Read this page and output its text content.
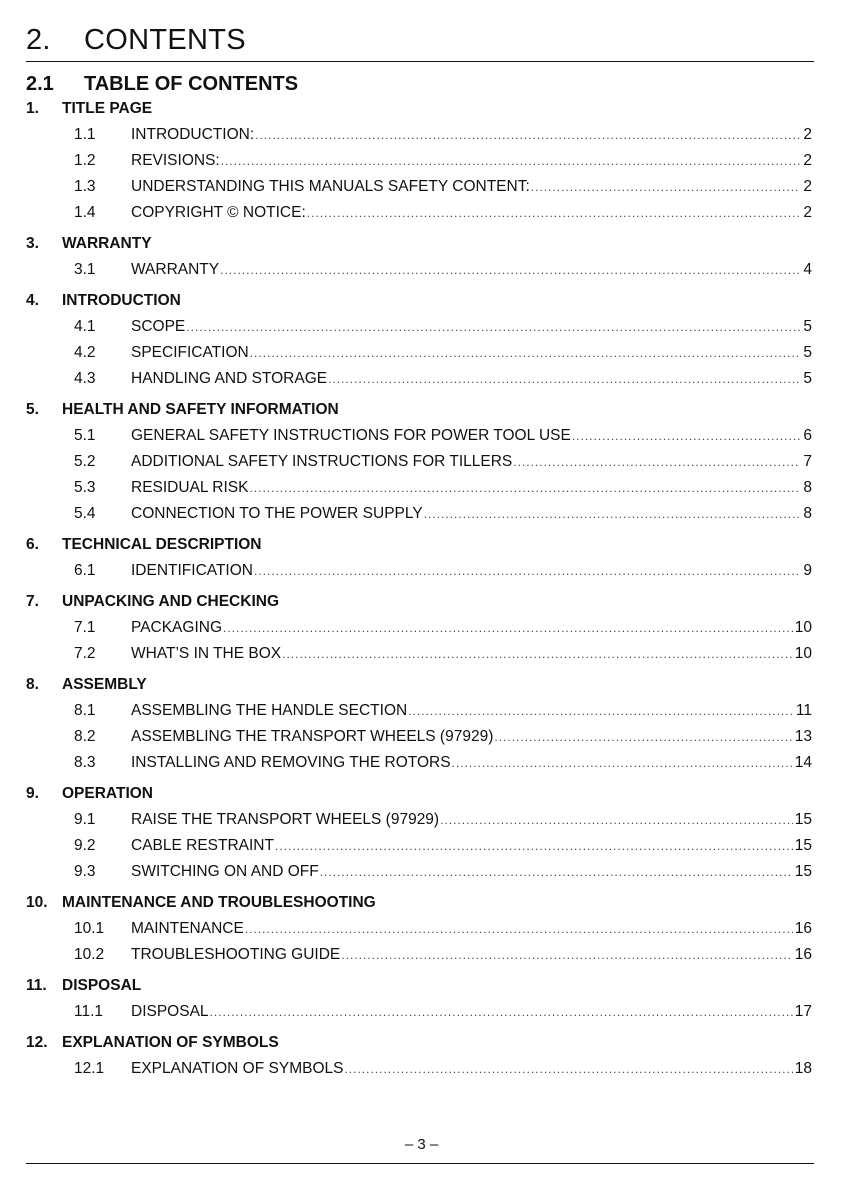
2. CONTENTS
2.1 TABLE OF CONTENTS
1.	TITLE PAGE
1.1	INTRODUCTION: .....	2
1.2	REVISIONS: .....	2
1.3	UNDERSTANDING THIS MANUALS SAFETY CONTENT: .....	2
1.4	COPYRIGHT © NOTICE: .....	2
3.	WARRANTY
3.1	WARRANTY .....	4
4.	INTRODUCTION
4.1	SCOPE .....	5
4.2	SPECIFICATION .....	5
4.3	HANDLING AND STORAGE .....	5
5.	HEALTH AND SAFETY INFORMATION
5.1	GENERAL SAFETY INSTRUCTIONS FOR POWER TOOL USE .....	6
5.2	ADDITIONAL SAFETY INSTRUCTIONS FOR TILLERS .....	7
5.3	RESIDUAL RISK .....	8
5.4	CONNECTION TO THE POWER SUPPLY .....	8
6.	TECHNICAL DESCRIPTION
6.1	IDENTIFICATION .....	9
7.	UNPACKING AND CHECKING
7.1	PACKAGING .....	10
7.2	WHAT’S IN THE BOX .....	10
8.	ASSEMBLY
8.1	ASSEMBLING THE HANDLE SECTION .....	11
8.2	ASSEMBLING THE TRANSPORT WHEELS (97929) .....	13
8.3	INSTALLING AND REMOVING THE ROTORS .....	14
9.	OPERATION
9.1	RAISE THE TRANSPORT WHEELS (97929) .....	15
9.2	CABLE RESTRAINT .....	15
9.3	SWITCHING ON AND OFF .....	15
10. MAINTENANCE AND TROUBLESHOOTING
10.1	MAINTENANCE .....	16
10.2	TROUBLESHOOTING GUIDE .....	16
11. DISPOSAL
11.1	DISPOSAL .....	17
12. EXPLANATION OF SYMBOLS
12.1	EXPLANATION OF SYMBOLS .....	18
– 3 –
